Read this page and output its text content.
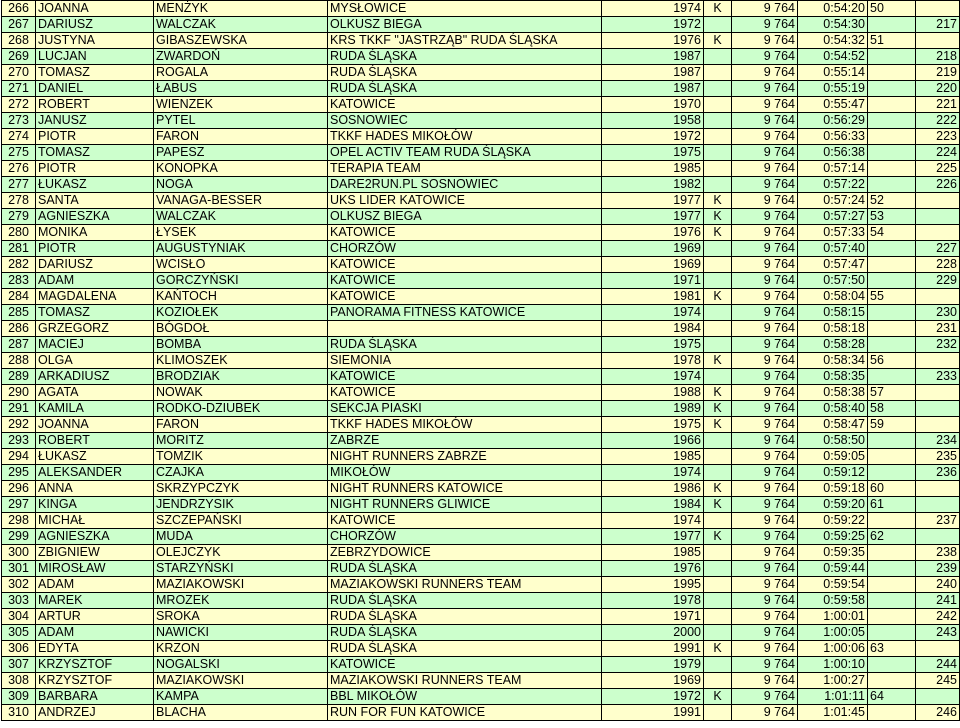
266	JOANNA	MENŻYK	MYSŁOWICE	1974	K	9 764	0:54:20	50	
267	DARIUSZ	WALCZAK	OLKUSZ BIEGA	1972		9 764	0:54:30		217
268	JUSTYNA	GIBASZEWSKA	KRS TKKF "JASTRZĄB" RUDA ŚLĄSKA	1976	K	9 764	0:54:32	51	
269	LUCJAN	ZWARDOŃ	RUDA ŚLĄSKA	1987		9 764	0:54:52		218
270	TOMASZ	ROGALA	RUDA ŚLĄSKA	1987		9 764	0:55:14		219
271	DANIEL	ŁABUS	RUDA ŚLĄSKA	1987		9 764	0:55:19		220
272	ROBERT	WIENZEK	KATOWICE	1970		9 764	0:55:47		221
273	JANUSZ	PYTEL	SOSNOWIEC	1958		9 764	0:56:29		222
274	PIOTR	FARON	TKKF HADES MIKOŁÓW	1972		9 764	0:56:33		223
275	TOMASZ	PAPESZ	OPEL ACTIV TEAM RUDA ŚLĄSKA	1975		9 764	0:56:38		224
276	PIOTR	KONOPKA	TERAPIA TEAM	1985		9 764	0:57:14		225
277	ŁUKASZ	NOGA	DARE2RUN.PL SOSNOWIEC	1982		9 764	0:57:22		226
278	SANTA	VANAGA-BESSER	UKS LIDER KATOWICE	1977	K	9 764	0:57:24	52	
279	AGNIESZKA	WALCZAK	OLKUSZ BIEGA	1977	K	9 764	0:57:27	53	
280	MONIKA	ŁYSEK	KATOWICE	1976	K	9 764	0:57:33	54	
281	PIOTR	AUGUSTYNIAK	CHORZÓW	1969		9 764	0:57:40		227
282	DARIUSZ	WCISŁO	KATOWICE	1969		9 764	0:57:47		228
283	ADAM	GORCZYŃSKI	KATOWICE	1971		9 764	0:57:50		229
284	MAGDALENA	KAŃTOCH	KATOWICE	1981	K	9 764	0:58:04	55	
285	TOMASZ	KOZIOŁEK	PANORAMA FITNESS KATOWICE	1974		9 764	0:58:15		230
286	GRZEGORZ	BÓGDOŁ		1984		9 764	0:58:18		231
287	MACIEJ	BOMBA	RUDA ŚLĄSKA	1975		9 764	0:58:28		232
288	OLGA	KLIMOSZEK	SIEMONIA	1978	K	9 764	0:58:34	56	
289	ARKADIUSZ	BRODZIAK	KATOWICE	1974		9 764	0:58:35		233
290	AGATA	NOWAK	KATOWICE	1988	K	9 764	0:58:38	57	
291	KAMILA	RODKO-DZIUBEK	SEKCJA PIASKI	1989	K	9 764	0:58:40	58	
292	JOANNA	FARON	TKKF HADES MIKOŁÓW	1975	K	9 764	0:58:47	59	
293	ROBERT	MORITZ	ZABRZE	1966		9 764	0:58:50		234
294	ŁUKASZ	TOMZIK	NIGHT RUNNERS ZABRZE	1985		9 764	0:59:05		235
295	ALEKSANDER	CZAJKA	MIKOŁÓW	1974		9 764	0:59:12		236
296	ANNA	SKRZYPCZYK	NIGHT RUNNERS KATOWICE	1986	K	9 764	0:59:18	60	
297	KINGA	JENDRZYSIK	NIGHT RUNNERS GLIWICE	1984	K	9 764	0:59:20	61	
298	MICHAŁ	SZCZEPAŃSKI	KATOWICE	1974		9 764	0:59:22		237
299	AGNIESZKA	MUDA	CHORZÓW	1977	K	9 764	0:59:25	62	
300	ZBIGNIEW	OLEJCZYK	ZEBRZYDOWICE	1985		9 764	0:59:35		238
301	MIROSŁAW	STARZYŃSKI	RUDA ŚLĄSKA	1976		9 764	0:59:44		239
302	ADAM	MAZIAKOWSKI	MAZIAKOWSKI RUNNERS TEAM	1995		9 764	0:59:54		240
303	MAREK	MROZEK	RUDA ŚLĄSKA	1978		9 764	0:59:58		241
304	ARTUR	SROKA	RUDA ŚLĄSKA	1971		9 764	1:00:01		242
305	ADAM	NAWICKI	RUDA ŚLĄSKA	2000		9 764	1:00:05		243
306	EDYTA	KRZON	RUDA ŚLĄSKA	1991	K	9 764	1:00:06	63	
307	KRZYSZTOF	NOGALSKI	KATOWICE	1979		9 764	1:00:10		244
308	KRZYSZTOF	MAZIAKOWSKI	MAZIAKOWSKI RUNNERS TEAM	1969		9 764	1:00:27		245
309	BARBARA	KAMPA	BBL MIKOŁÓW	1972	K	9 764	1:01:11	64	
310	ANDRZEJ	BLACHA	RUN FOR FUN KATOWICE	1991		9 764	1:01:45		246
